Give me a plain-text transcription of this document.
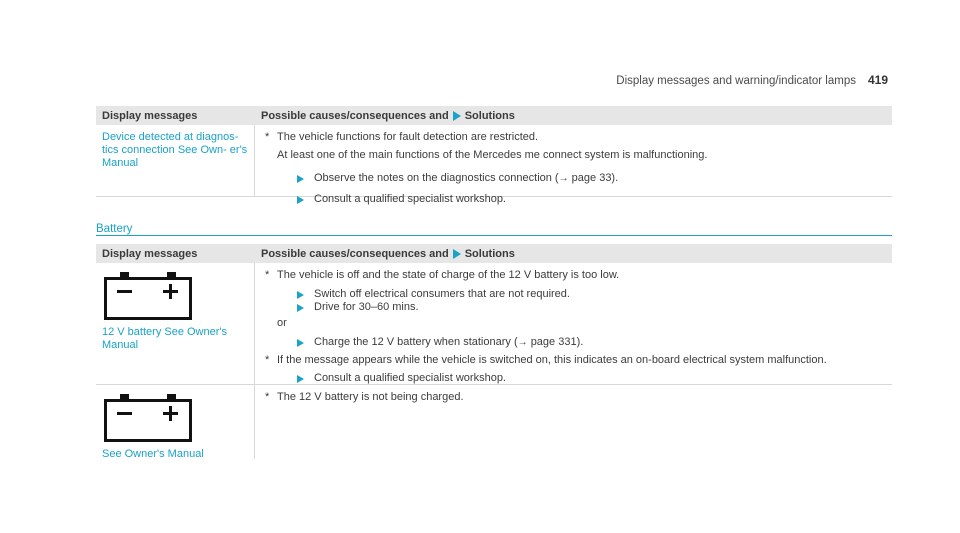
Display messages and warning/indicator lamps 419
Display messages	Possible causes/consequences and Solutions
Device detected at diagnos- tics connection See Own- er's Manual
* The vehicle functions for fault detection are restricted.
At least one of the main functions of the Mercedes me connect system is malfunctioning.
Observe the notes on the diagnostics connection (→ page 33).
Consult a qualified specialist workshop.
Battery
Display messages	Possible causes/consequences and Solutions
12 V battery See Owner's Manual
* The vehicle is off and the state of charge of the 12 V battery is too low.
Switch off electrical consumers that are not required.
Drive for 30–60 mins.
or
Charge the 12 V battery when stationary (→ page 331).
* If the message appears while the vehicle is switched on, this indicates an on-board electrical system malfunction.
Consult a qualified specialist workshop.
See Owner's Manual
* The 12 V battery is not being charged.
